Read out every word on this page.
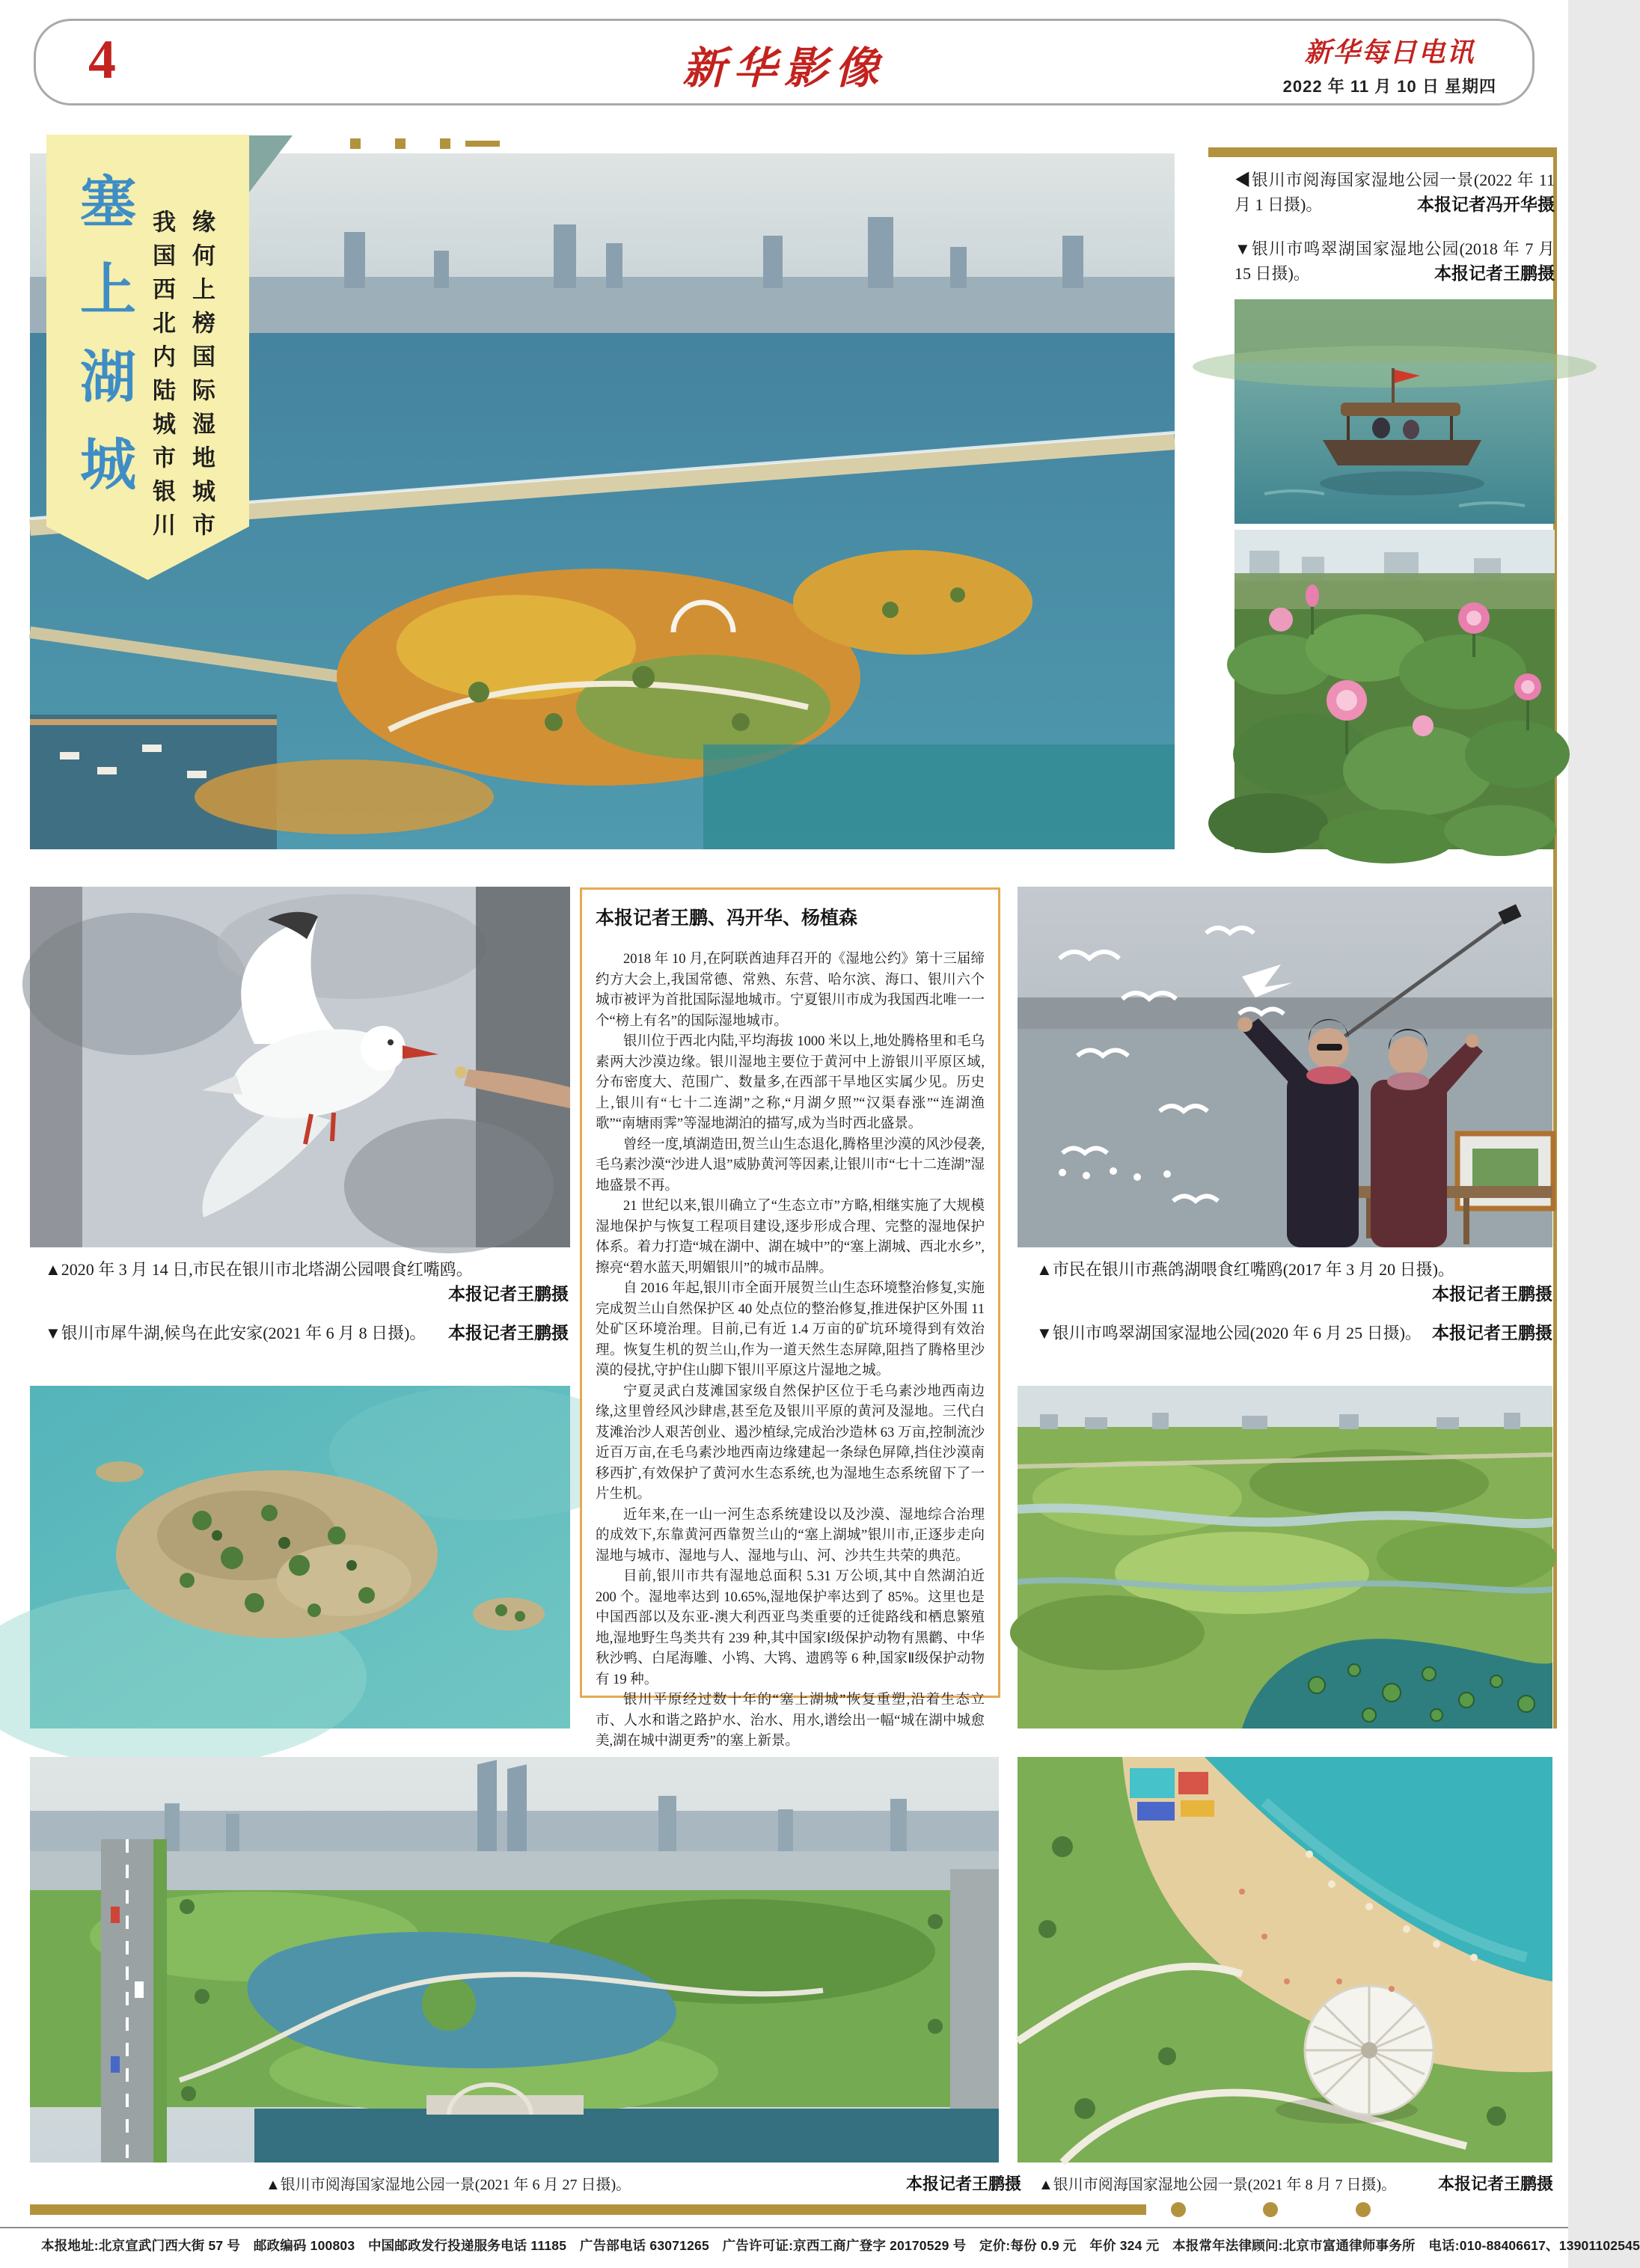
4	新华影像	新华每日电讯
2022 年 11 月 10 日 星期四
塞上湖城 缘何上榜国际湿地城市
我国西北内陆城市银川
◀银川市阅海国家湿地公园一景(2022 年 11 月 1 日摄)。	本报记者冯开华摄
▼银川市鸣翠湖国家湿地公园(2018 年 7 月 15 日摄)。	本报记者王鹏摄
▲2020 年 3 月 14 日,市民在银川市北塔湖公园喂食红嘴鸥。
本报记者王鹏摄
▼银川市犀牛湖,候鸟在此安家(2021 年 6 月 8 日摄)。 本报记者王鹏摄
本报记者王鹏、冯开华、杨植森

2018 年 10 月,在阿联酋迪拜召开的《湿地公约》第十三届缔约方大会上,我国常德、常熟、东营、哈尔滨、海口、银川六个城市被评为首批国际湿地城市。宁夏银川市成为我国西北唯一一个“榜上有名”的国际湿地城市。

银川位于西北内陆,平均海拔 1000 米以上,地处腾格里和毛乌素两大沙漠边缘。银川湿地主要位于黄河中上游银川平原区域,分布密度大、范围广、数量多,在西部干旱地区实属少见。历史上,银川有“七十二连湖”之称,“月湖夕照”“汉渠春涨”“连湖渔歌”“南塘雨霁”等湿地湖泊的描写,成为当时西北盛景。

曾经一度,填湖造田,贺兰山生态退化,腾格里沙漠的风沙侵袭,毛乌素沙漠“沙进人退”威胁黄河等因素,让银川市“七十二连湖”湿地盛景不再。

21 世纪以来,银川确立了“生态立市”方略,相继实施了大规模湿地保护与恢复工程项目建设,逐步形成合理、完整的湿地保护体系。着力打造“城在湖中、湖在城中”的“塞上湖城、西北水乡”,擦亮“碧水蓝天,明媚银川”的城市品牌。

自 2016 年起,银川市全面开展贺兰山生态环境整治修复,实施完成贺兰山自然保护区 40 处点位的整治修复,推进保护区外围 11 处矿区环境治理。目前,已有近 1.4 万亩的矿坑环境得到有效治理。恢复生机的贺兰山,作为一道天然生态屏障,阻挡了腾格里沙漠的侵扰,守护住山脚下银川平原这片湿地之城。

宁夏灵武白芨滩国家级自然保护区位于毛乌素沙地西南边缘,这里曾经风沙肆虐,甚至危及银川平原的黄河及湿地。三代白芨滩治沙人艰苦创业、遏沙植绿,完成治沙造林 63 万亩,控制流沙近百万亩,在毛乌素沙地西南边缘建起一条绿色屏障,挡住沙漠南移西扩,有效保护了黄河水生态系统,也为湿地生态系统留下了一片生机。

近年来,在一山一河生态系统建设以及沙漠、湿地综合治理的成效下,东靠黄河西靠贺兰山的“塞上湖城”银川市,正逐步走向湿地与城市、湿地与人、湿地与山、河、沙共生共荣的典范。

目前,银川市共有湿地总面积 5.31 万公顷,其中自然湖泊近 200 个。湿地率达到 10.65%,湿地保护率达到了 85%。这里也是中国西部以及东亚-澳大利西亚鸟类重要的迁徙路线和栖息繁殖地,湿地野生鸟类共有 239 种,其中国家Ⅰ级保护动物有黑鹳、中华秋沙鸭、白尾海雕、小鸨、大鸨、遗鸥等 6 种,国家Ⅱ级保护动物有 19 种。

银川平原经过数十年的“塞上湖城”恢复重塑,沿着生态立市、人水和谐之路护水、治水、用水,谱绘出一幅“城在湖中城愈美,湖在城中湖更秀”的塞上新景。

▲市民在银川市燕鸽湖喂食红嘴鸥(2017 年 3 月 20 日摄)。
本报记者王鹏摄
▼银川市鸣翠湖国家湿地公园(2020 年 6 月 25 日摄)。 本报记者王鹏摄
▲银川市阅海国家湿地公园一景(2021 年 6 月 27 日摄)。	本报记者王鹏摄 ▲银川市阅海国家湿地公园一景(2021 年 8 月 7 日摄)。	本报记者王鹏摄
本报地址:北京宣武门西大街 57 号　邮政编码 100803　中国邮政发行投递服务电话 11185　广告部电话 63071265　广告许可证:京西工商广登字 20170529 号　定价:每份 0.9 元　年价 324 元　本报常年法律顾问:北京市富通律师事务所　电话:010-88406617、13901102545
